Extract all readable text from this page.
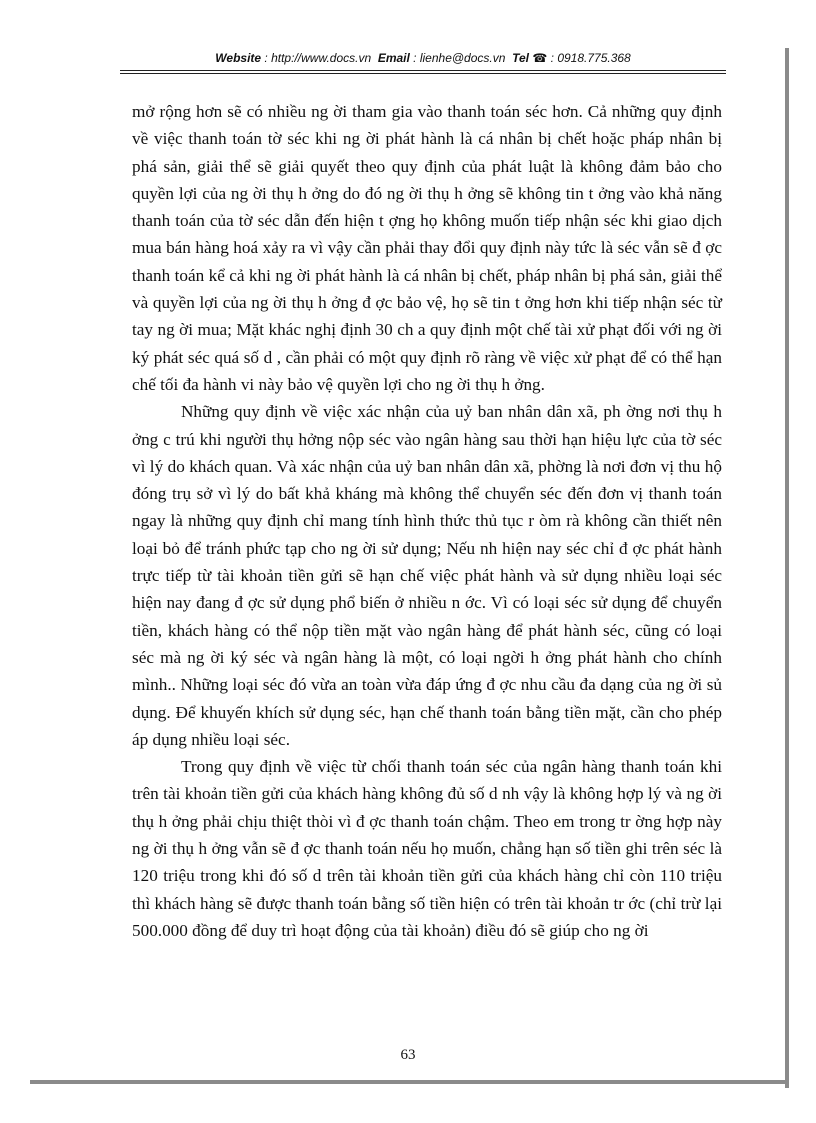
Website : http://www.docs.vn Email : lienhe@docs.vn Tel ☎ : 0918.775.368

mở rộng hơn sẽ có nhiều ng ời tham gia vào thanh toán séc hơn. Cả những quy định về việc thanh toán tờ séc khi ng ời phát hành là cá nhân bị chết hoặc pháp nhân bị phá sản, giải thể sẽ giải quyết theo quy định của phát luật là không đảm bảo cho quyền lợi của ng ời thụ h ởng do đó ng ời thụ h ởng sẽ không tin t ởng vào khả năng thanh toán của tờ séc dẫn đến hiện t ợng họ không muốn tiếp nhận séc khi giao dịch mua bán hàng hoá xảy ra vì vậy cần phải thay đổi quy định này tức là séc vẫn sẽ đ ợc thanh toán kể cả khi ng ời phát hành là cá nhân bị chết, pháp nhân bị phá sản, giải thể và quyền lợi của ng ời thụ h ởng đ ợc bảo vệ, họ sẽ tin t ởng hơn khi tiếp nhận séc từ tay ng ời mua; Mặt khác nghị định 30 ch a quy định một chế tài xử phạt đối với ng ời ký phát séc quá số d , cần phải có một quy định rõ ràng về việc xử phạt để có thể hạn chế tối đa hành vi này bảo vệ quyền lợi cho ng ời thụ h ởng.

Những quy định về việc xác nhận của uỷ ban nhân dân xã, ph ờng nơi thụ h ởng c trú khi người thụ hởng nộp séc vào ngân hàng sau thời hạn hiệu lực của tờ séc vì lý do khách quan. Và xác nhận của uỷ ban nhân dân xã, phờng là nơi đơn vị thu hộ đóng trụ sở vì lý do bất khả kháng mà không thể chuyển séc đến đơn vị thanh toán ngay là những quy định chỉ mang tính hình thức thủ tục r òm rà không cần thiết nên loại bỏ để tránh phức tạp cho ng ời sử dụng; Nếu nh hiện nay séc chỉ đ ợc phát hành trực tiếp từ tài khoản tiền gửi sẽ hạn chế việc phát hành và sử dụng nhiều loại séc hiện nay đang đ ợc sử dụng phổ biến ở nhiều n ớc. Vì có loại séc sử dụng để chuyển tiền, khách hàng có thể nộp tiền mặt vào ngân hàng để phát hành séc, cũng có loại séc mà ng ời ký séc và ngân hàng là một, có loại ngời h ởng phát hành cho chính mình.. Những loại séc đó vừa an toàn vừa đáp ứng đ ợc nhu cầu đa dạng của ng ời sủ dụng. Để khuyến khích sử dụng séc, hạn chế thanh toán bằng tiền mặt, cần cho phép áp dụng nhiều loại séc.

Trong quy định về việc từ chối thanh toán séc của ngân hàng thanh toán khi trên tài khoản tiền gửi của khách hàng không đủ số d nh vậy là không hợp lý và ng ời thụ h ởng phải chịu thiệt thòi vì đ ợc thanh toán chậm. Theo em trong tr ờng hợp này ng ời thụ h ởng vẫn sẽ đ ợc thanh toán nếu họ muốn, chẳng hạn số tiền ghi trên séc là 120 triệu trong khi đó số d trên tài khoản tiền gửi của khách hàng chỉ còn 110 triệu thì khách hàng sẽ được thanh toán bằng số tiền hiện có trên tài khoản tr ớc (chỉ trừ lại 500.000 đồng để duy trì hoạt động của tài khoản) điều đó sẽ giúp cho ng ời

63
